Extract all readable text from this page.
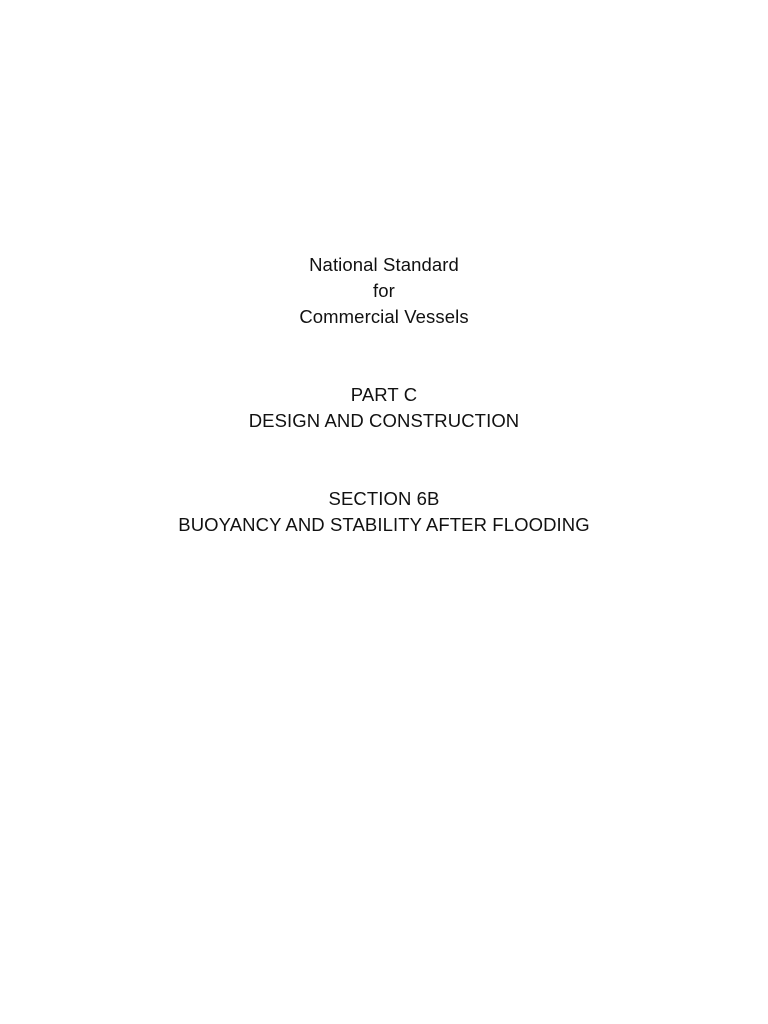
National Standard
for
Commercial Vessels
PART C
DESIGN AND CONSTRUCTION
SECTION 6B
BUOYANCY AND STABILITY AFTER FLOODING
